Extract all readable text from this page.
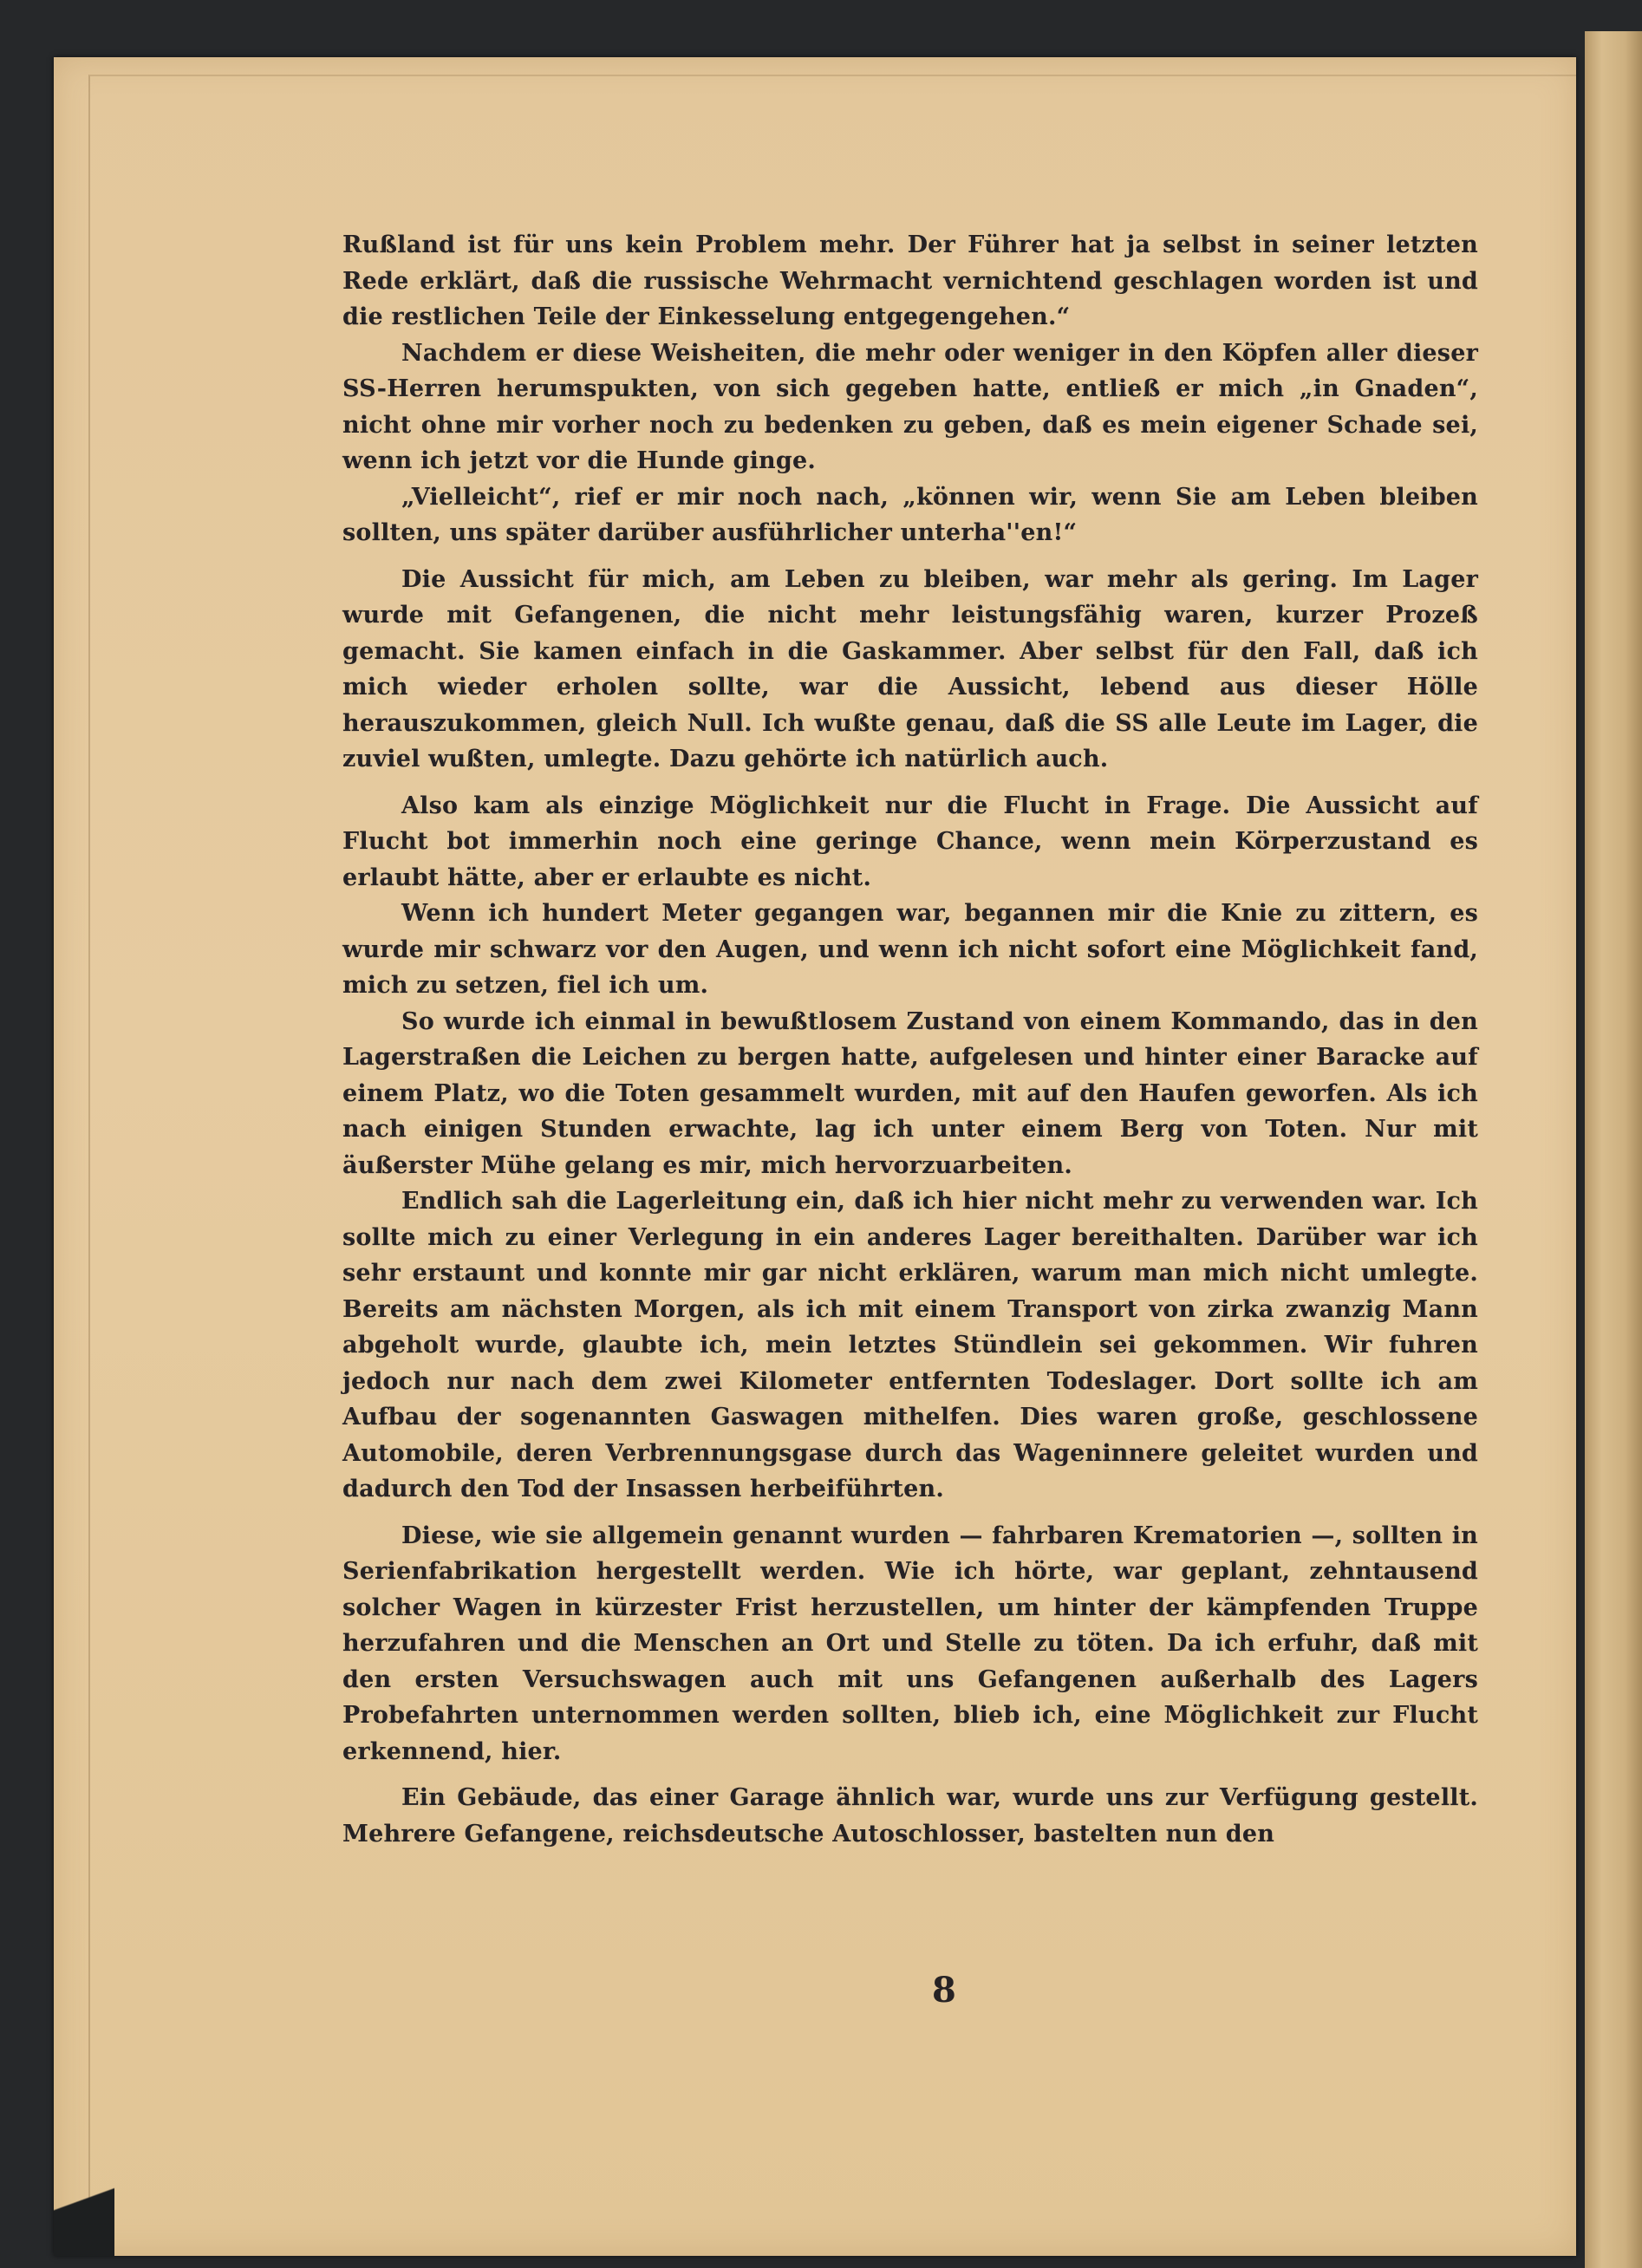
Rußland ist für uns kein Problem mehr. Der Führer hat ja selbst in seiner letzten Rede erklärt, daß die russische Wehrmacht vernichtend geschlagen worden ist und die restlichen Teile der Einkesselung entgegengehen.“

Nachdem er diese Weisheiten, die mehr oder weniger in den Köpfen aller dieser SS-Herren herumspukten, von sich gegeben hatte, entließ er mich „in Gnaden“, nicht ohne mir vorher noch zu bedenken zu geben, daß es mein eigener Schade sei, wenn ich jetzt vor die Hunde ginge.

„Vielleicht“, rief er mir noch nach, „können wir, wenn Sie am Leben bleiben sollten, uns später darüber ausführlicher unterha''en!“

Die Aussicht für mich, am Leben zu bleiben, war mehr als gering. Im Lager wurde mit Gefangenen, die nicht mehr leistungsfähig waren, kurzer Prozeß gemacht. Sie kamen einfach in die Gaskammer. Aber selbst für den Fall, daß ich mich wieder erholen sollte, war die Aussicht, lebend aus dieser Hölle herauszukommen, gleich Null. Ich wußte genau, daß die SS alle Leute im Lager, die zuviel wußten, umlegte. Dazu gehörte ich natürlich auch.

Also kam als einzige Möglichkeit nur die Flucht in Frage. Die Aussicht auf Flucht bot immerhin noch eine geringe Chance, wenn mein Körperzustand es erlaubt hätte, aber er erlaubte es nicht.

Wenn ich hundert Meter gegangen war, begannen mir die Knie zu zittern, es wurde mir schwarz vor den Augen, und wenn ich nicht sofort eine Möglichkeit fand, mich zu setzen, fiel ich um.

So wurde ich einmal in bewußtlosem Zustand von einem Kommando, das in den Lagerstraßen die Leichen zu bergen hatte, aufgelesen und hinter einer Baracke auf einem Platz, wo die Toten gesammelt wurden, mit auf den Haufen geworfen. Als ich nach einigen Stunden erwachte, lag ich unter einem Berg von Toten. Nur mit äußerster Mühe gelang es mir, mich hervorzuarbeiten.

Endlich sah die Lagerleitung ein, daß ich hier nicht mehr zu verwenden war. Ich sollte mich zu einer Verlegung in ein anderes Lager bereithalten. Darüber war ich sehr erstaunt und konnte mir gar nicht erklären, warum man mich nicht umlegte. Bereits am nächsten Morgen, als ich mit einem Transport von zirka zwanzig Mann abgeholt wurde, glaubte ich, mein letztes Stündlein sei gekommen. Wir fuhren jedoch nur nach dem zwei Kilometer entfernten Todeslager. Dort sollte ich am Aufbau der sogenannten Gaswagen mithelfen. Dies waren große, geschlossene Automobile, deren Verbrennungsgase durch das Wageninnere geleitet wurden und dadurch den Tod der Insassen herbeiführten.

Diese, wie sie allgemein genannt wurden — fahrbaren Krematorien —, sollten in Serienfabrikation hergestellt werden. Wie ich hörte, war geplant, zehntausend solcher Wagen in kürzester Frist herzustellen, um hinter der kämpfenden Truppe herzufahren und die Menschen an Ort und Stelle zu töten. Da ich erfuhr, daß mit den ersten Versuchswagen auch mit uns Gefangenen außerhalb des Lagers Probefahrten unternommen werden sollten, blieb ich, eine Möglichkeit zur Flucht erkennend, hier.

Ein Gebäude, das einer Garage ähnlich war, wurde uns zur Verfügung gestellt. Mehrere Gefangene, reichsdeutsche Autoschlosser, bastelten nun den

8
